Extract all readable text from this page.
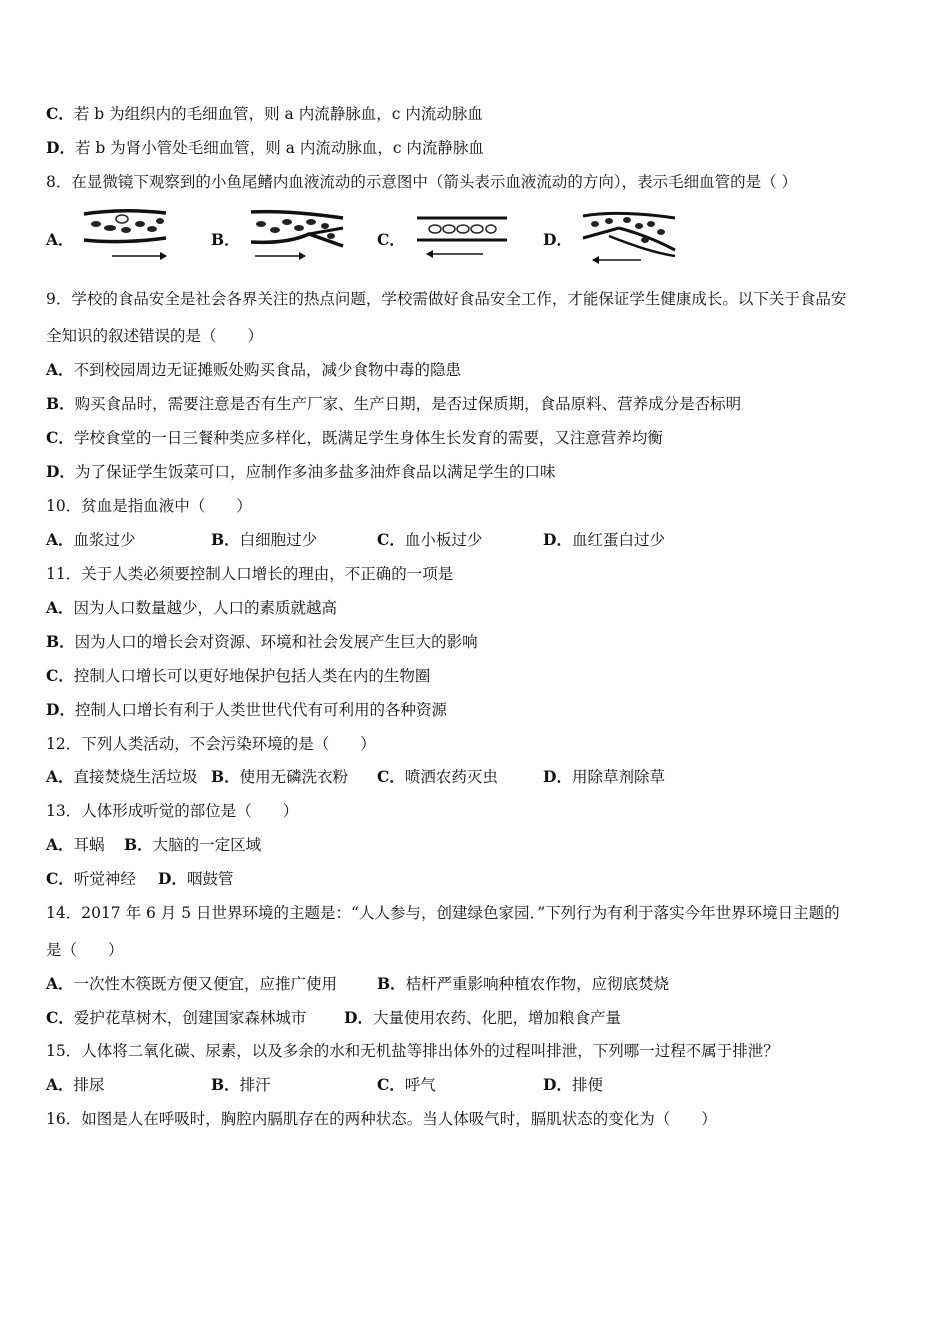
C．若 b 为组织内的毛细血管，则 a 内流静脉血，c 内流动脉血
D．若 b 为肾小管处毛细血管，则 a 内流动脉血，c 内流静脉血
8．在显微镜下观察到的小鱼尾鳍内血液流动的示意图中（箭头表示血液流动的方向），表示毛细血管的是（ ）
A．	B．	C．	D．
9．学校的食品安全是社会各界关注的热点问题，学校需做好食品安全工作，才能保证学生健康成长。以下关于食品安
全知识的叙述错误的是（　　）
A．不到校园周边无证摊贩处购买食品，减少食物中毒的隐患
B．购买食品时，需要注意是否有生产厂家、生产日期，是否过保质期，食品原料、营养成分是否标明
C．学校食堂的一日三餐种类应多样化，既满足学生身体生长发育的需要，又注意营养均衡
D．为了保证学生饭菜可口，应制作多油多盐多油炸食品以满足学生的口味
10．贫血是指血液中（　　）
A．血浆过少	B．白细胞过少	C．血小板过少	D．血红蛋白过少
11．关于人类必须要控制人口增长的理由，不正确的一项是
A．因为人口数量越少，人口的素质就越高
B．因为人口的增长会对资源、环境和社会发展产生巨大的影响
C．控制人口增长可以更好地保护包括人类在内的生物圈
D．控制人口增长有利于人类世世代代有可利用的各种资源
12．下列人类活动，不会污染环境的是（　　）
A．直接焚烧生活垃圾 B．使用无磷洗衣粉 C．喷洒农药灭虫	D．用除草剂除草
13．人体形成听觉的部位是（　　）
A．耳蜗 B．大脑的一定区域
C．听觉神经 D．咽鼓管
14．2017 年 6 月 5 日世界环境的主题是：“人人参与，创建绿色家园．”下列行为有利于落实今年世界环境日主题的
是（　　）
A．一次性木筷既方便又便宜，应推广使用	B．桔杆严重影响种植农作物，应彻底焚烧
C．爱护花草树木，创建国家森林城市 D．大量使用农药、化肥，增加粮食产量
15．人体将二氧化碳、尿素，以及多余的水和无机盐等排出体外的过程叫排泄，下列哪一过程不属于排泄？
A．排尿	B．排汗	C．呼气	D．排便
16．如图是人在呼吸时，胸腔内膈肌存在的两种状态。当人体吸气时，膈肌状态的变化为（　　）
